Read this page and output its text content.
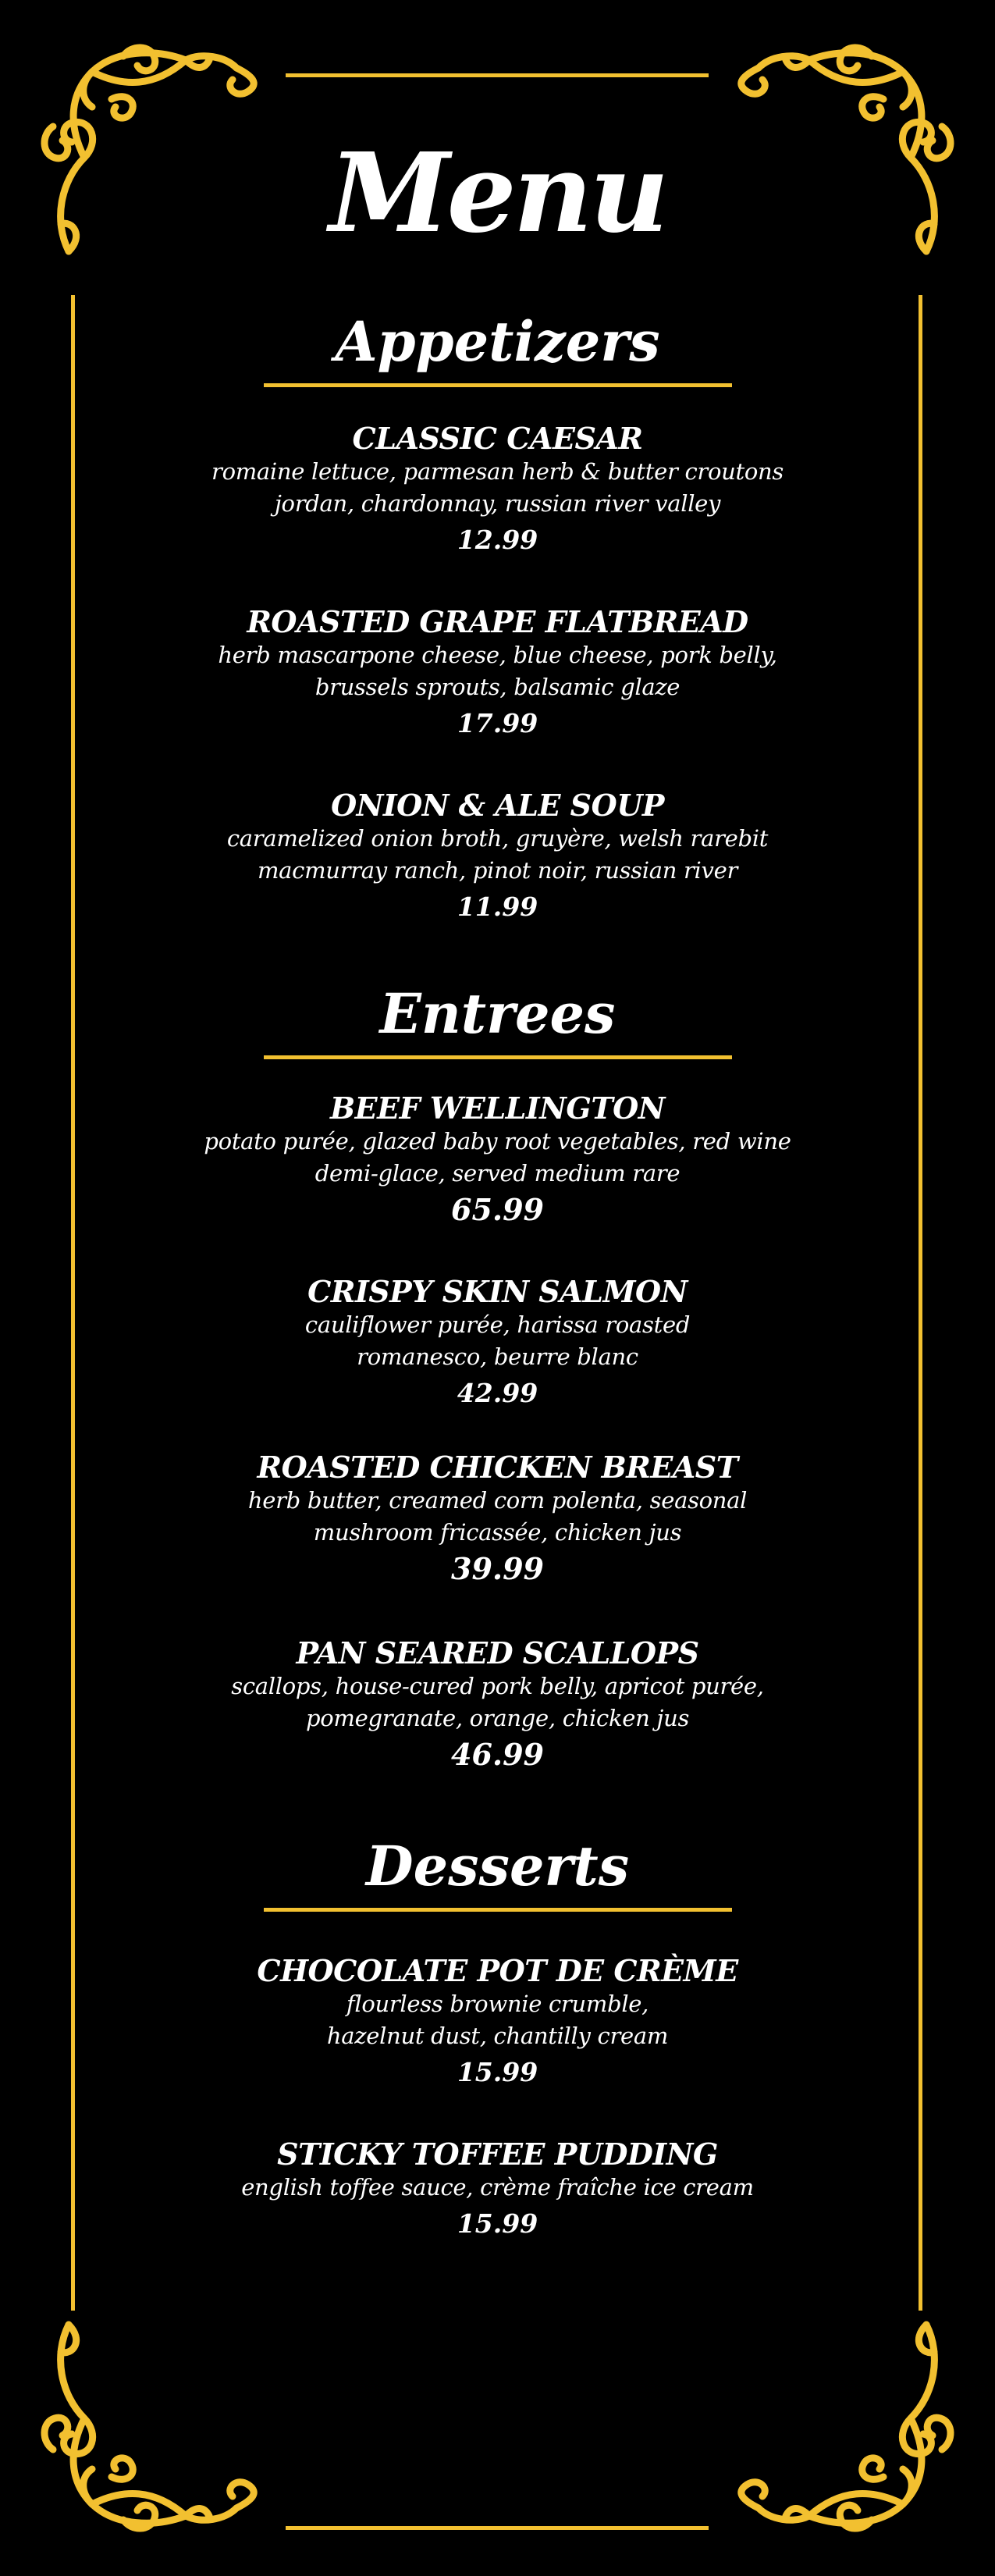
Menu
Appetizers
CLASSIC CAESAR
romaine lettuce, parmesan herb & butter croutons
jordan, chardonnay, russian river valley
12.99
ROASTED GRAPE FLATBREAD
herb mascarpone cheese, blue cheese, pork belly,
brussels sprouts, balsamic glaze
17.99
ONION & ALE SOUP
caramelized onion broth, gruyère, welsh rarebit
macmurray ranch, pinot noir, russian river
11.99
Entrees
BEEF WELLINGTON
potato purée, glazed baby root vegetables, red wine
demi-glace, served medium rare
65.99
CRISPY SKIN SALMON
cauliflower purée, harissa roasted
romanesco, beurre blanc
42.99
ROASTED CHICKEN BREAST
herb butter, creamed corn polenta, seasonal
mushroom fricassée, chicken jus
39.99
PAN SEARED SCALLOPS
scallops, house-cured pork belly, apricot purée,
pomegranate, orange, chicken jus
46.99
Desserts
CHOCOLATE POT DE CRÈME
flourless brownie crumble,
hazelnut dust, chantilly cream
15.99
STICKY TOFFEE PUDDING
english toffee sauce, crème fraîche ice cream
15.99
